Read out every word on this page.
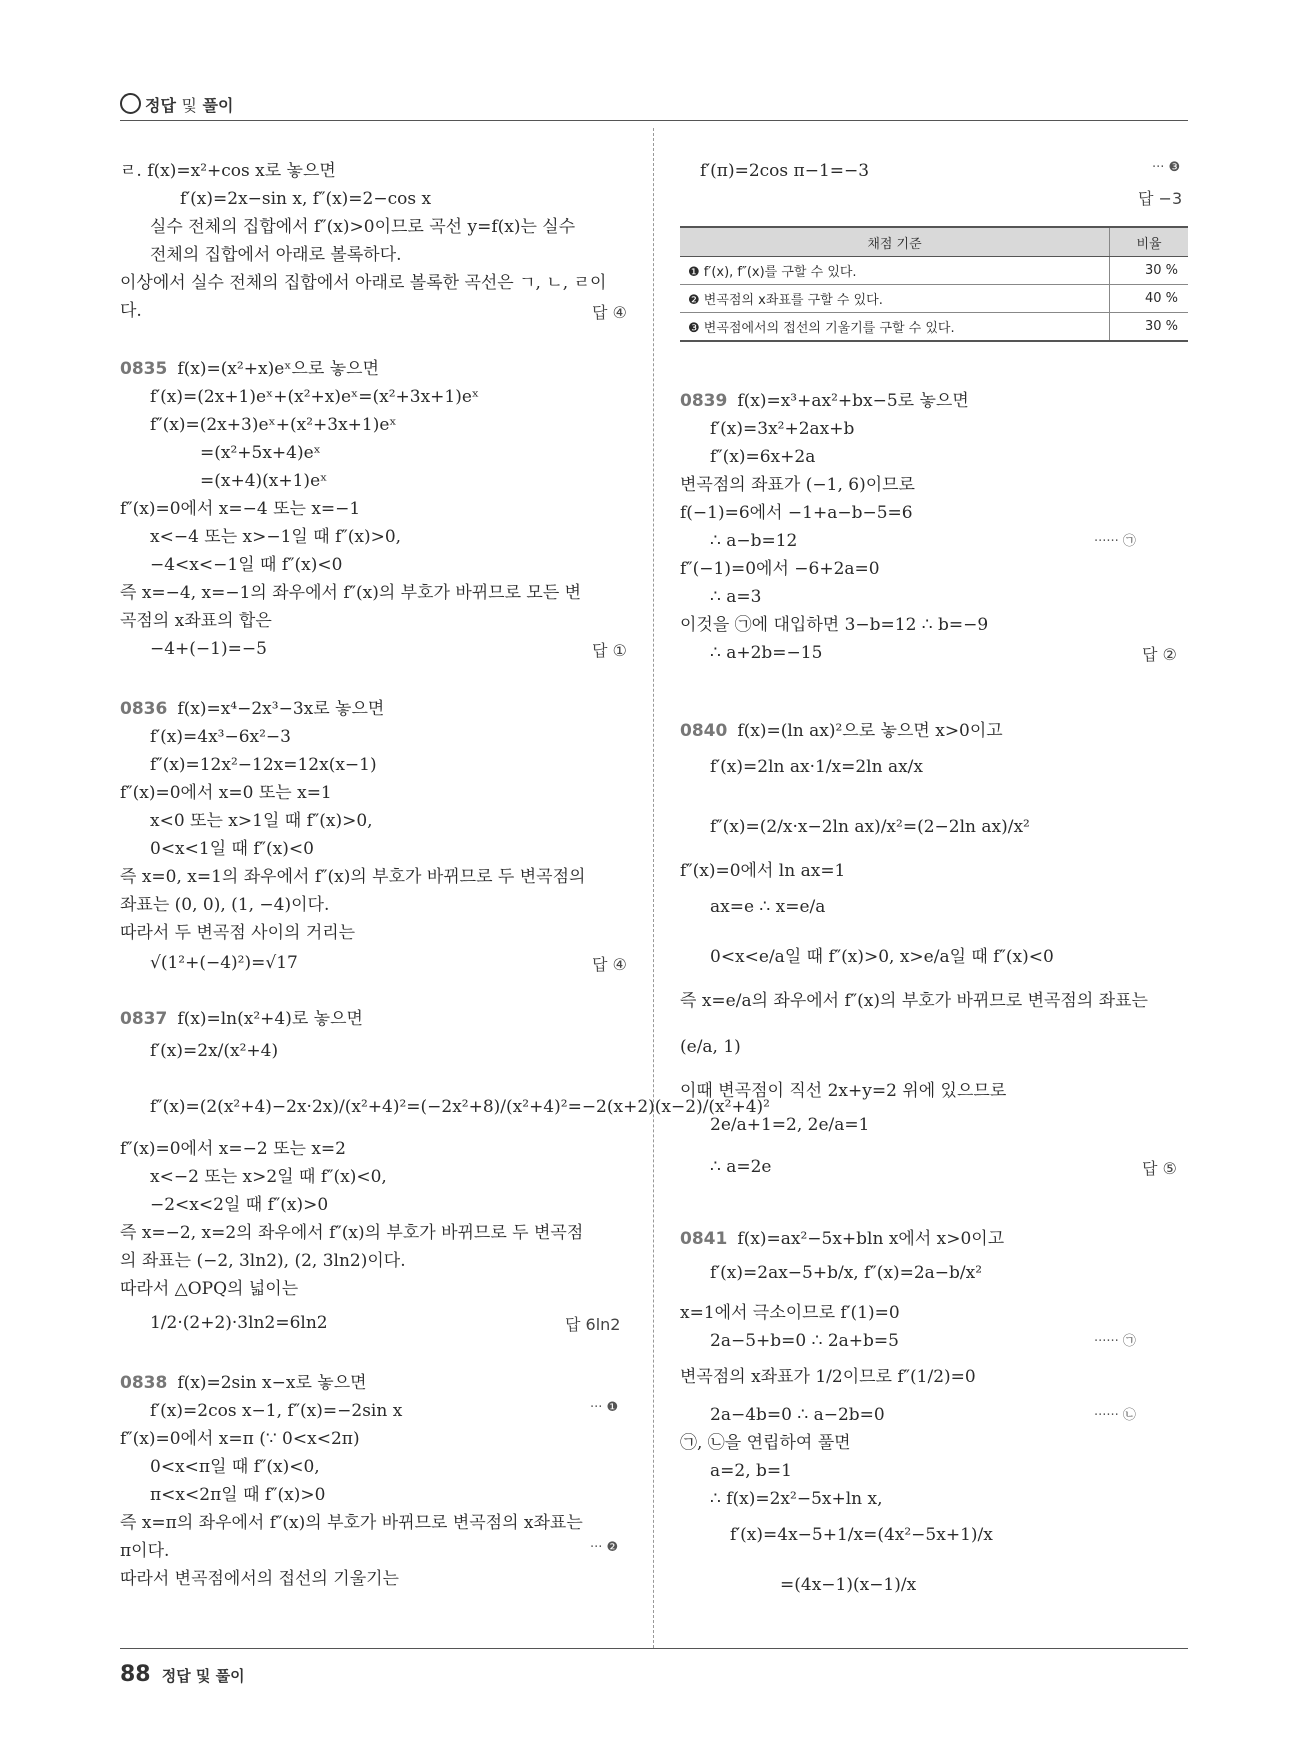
정답 및 풀이
ㄹ. f(x)=x²+cos x로 놓으면
f′(x)=2x−sin x, f″(x)=2−cos x
실수 전체의 집합에서 f″(x)>0이므로 곡선 y=f(x)는 실수
전체의 집합에서 아래로 볼록하다.
이상에서 실수 전체의 집합에서 아래로 볼록한 곡선은 ㄱ, ㄴ, ㄹ이
다.
0835 f(x)=(x²+x)eˣ으로 놓으면
f′(x)=(2x+1)eˣ+(x²+x)eˣ=(x²+3x+1)eˣ
f″(x)=(2x+3)eˣ+(x²+3x+1)eˣ
=(x²+5x+4)eˣ
=(x+4)(x+1)eˣ
f″(x)=0에서 x=−4 또는 x=−1
x<−4 또는 x>−1일 때 f″(x)>0,
−4<x<−1일 때 f″(x)<0
즉 x=−4, x=−1의 좌우에서 f″(x)의 부호가 바뀌므로 모든 변
곡점의 x좌표의 합은
−4+(−1)=−5
0836 f(x)=x⁴−2x³−3x로 놓으면
f′(x)=4x³−6x²−3
f″(x)=12x²−12x=12x(x−1)
f″(x)=0에서 x=0 또는 x=1
x<0 또는 x>1일 때 f″(x)>0,
0<x<1일 때 f″(x)<0
즉 x=0, x=1의 좌우에서 f″(x)의 부호가 바뀌므로 두 변곡점의
좌표는 (0, 0), (1, −4)이다.
따라서 두 변곡점 사이의 거리는
√(1²+(−4)²)=√17
0837 f(x)=ln(x²+4)로 놓으면
f′(x)=2x/(x²+4)
f″(x)=(2(x²+4)−2x·2x)/(x²+4)²=(−2x²+8)/(x²+4)²=−2(x+2)(x−2)/(x²+4)²
f″(x)=0에서 x=−2 또는 x=2
x<−2 또는 x>2일 때 f″(x)<0,
−2<x<2일 때 f″(x)>0
즉 x=−2, x=2의 좌우에서 f″(x)의 부호가 바뀌므로 두 변곡점
의 좌표는 (−2, 3ln2), (2, 3ln2)이다.
따라서 △OPQ의 넓이는
1/2·(2+2)·3ln2=6ln2
0838 f(x)=2sin x−x로 놓으면
f′(x)=2cos x−1, f″(x)=−2sin x
f″(x)=0에서 x=π (∵ 0<x<2π)
0<x<π일 때 f″(x)<0,
π<x<2π일 때 f″(x)>0
즉 x=π의 좌우에서 f″(x)의 부호가 바뀌므로 변곡점의 x좌표는
π이다.
따라서 변곡점에서의 접선의 기울기는
답 ④
답 ①
답 ④
답 6ln2
··· ❶
··· ❷
f′(π)=2cos π−1=−3
0839 f(x)=x³+ax²+bx−5로 놓으면
f′(x)=3x²+2ax+b
f″(x)=6x+2a
변곡점의 좌표가 (−1, 6)이므로
f(−1)=6에서 −1+a−b−5=6
∴ a−b=12
f″(−1)=0에서 −6+2a=0
∴ a=3
이것을 ㉠에 대입하면 3−b=12 ∴ b=−9
∴ a+2b=−15
0840 f(x)=(ln ax)²으로 놓으면 x>0이고
f′(x)=2ln ax·1/x=2ln ax/x
f″(x)=(2/x·x−2ln ax)/x²=(2−2ln ax)/x²
f″(x)=0에서 ln ax=1
ax=e ∴ x=e/a
0<x<e/a일 때 f″(x)>0, x>e/a일 때 f″(x)<0
즉 x=e/a의 좌우에서 f″(x)의 부호가 바뀌므로 변곡점의 좌표는
(e/a, 1)
이때 변곡점이 직선 2x+y=2 위에 있으므로
2e/a+1=2, 2e/a=1
∴ a=2e
0841 f(x)=ax²−5x+bln x에서 x>0이고
f′(x)=2ax−5+b/x, f″(x)=2a−b/x²
x=1에서 극소이므로 f′(1)=0
2a−5+b=0 ∴ 2a+b=5
변곡점의 x좌표가 1/2이므로 f″(1/2)=0
2a−4b=0 ∴ a−2b=0
㉠, ㉡을 연립하여 풀면
a=2, b=1
∴ f(x)=2x²−5x+ln x,
f′(x)=4x−5+1/x=(4x²−5x+1)/x
=(4x−1)(x−1)/x
답 −3
답 ②
답 ⑤
··· ❸
······ ㉠
······ ㉠
······ ㉡
채점 기준	비율
❶ f′(x), f″(x)를 구할 수 있다.	30 %
❷ 변곡점의 x좌표를 구할 수 있다.	40 %
❸ 변곡점에서의 접선의 기울기를 구할 수 있다.	30 %
88 정답 및 풀이
